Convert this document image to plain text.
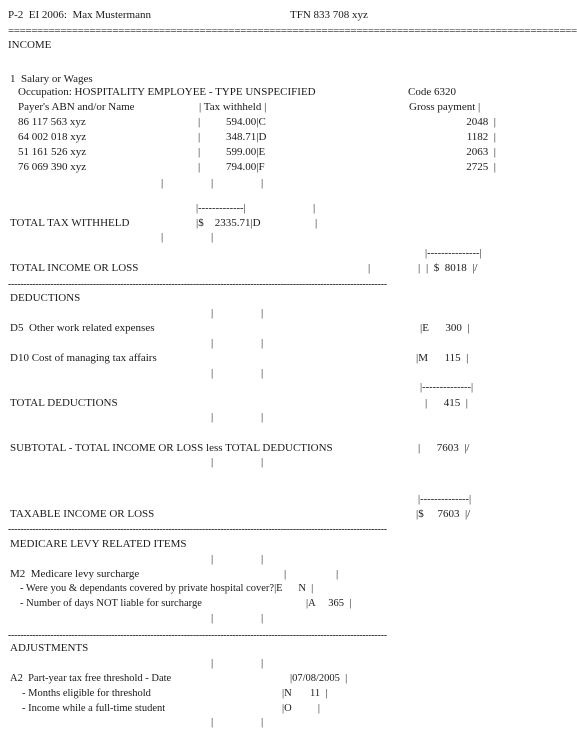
P-2  EI 2006:  Max Mustermann	TFN 833 708 xyz
==================================================================================================
INCOME
1  Salary or Wages
Occupation: HOSPITALITY EMPLOYEE - TYPE UNSPECIFIED	Code 6320
Payer's ABN and/or Name	| Tax withheld |	Gross payment |
86 117 563 xyz	| 594.00|C	2048  |
64 002 018 xyz	| 348.71|D	1182  |
51 161 526 xyz	| 599.00|E	2063  |
76 069 390 xyz	| 794.00|F	2725  |
|	|	|
|-------------|	|
TOTAL TAX WITHHELD	|$    2335.71|D	|
|	|
|---------------|
TOTAL INCOME OR LOSS	|	| |  $  8018  |/
-----------------------------------------------------------------------------------------------------------------------------
DEDUCTIONS
|	|
D5  Other work related expenses	|E      300  |
|	|
D10 Cost of managing tax affairs	|M      115  |
|	|
|--------------|
TOTAL DEDUCTIONS	|      415  |
|	|
SUBTOTAL - TOTAL INCOME OR LOSS less TOTAL DEDUCTIONS	|      7603  |/
|	|
|--------------|
TAXABLE INCOME OR LOSS	|$     7603  |/
-----------------------------------------------------------------------------------------------------------------------------
MEDICARE LEVY RELATED ITEMS
|	|
M2  Medicare levy surcharge	|	|
- Were you & dependants covered by private hospital cover?|E      N  |
- Number of days NOT liable for surcharge	|A     365  |
|	|
-----------------------------------------------------------------------------------------------------------------------------
ADJUSTMENTS
|	|
A2  Part-year tax free threshold - Date	|07/08/2005  |
- Months eligible for threshold	|N       11  |
- Income while a full-time student	|O          |
|	|
